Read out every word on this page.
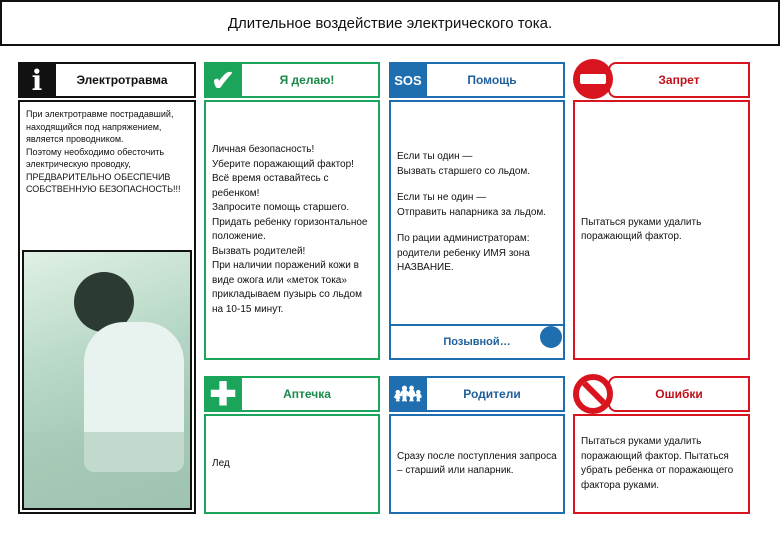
Длительное воздействие электрического тока.
Электротравма
i

При электротравме пострадавший, находящийся под напряжением, является проводником.

Поэтому необходимо обесточить электрическую проводку, ПРЕДВАРИТЕЛЬНО ОБЕСПЕЧИВ СОБСТВЕННУЮ БЕЗОПАСНОСТЬ!!!

Я делаю!
✔

Личная безопасность!

Уберите поражающий фактор!

Всё время оставайтесь с ребенком!

Запросите помощь старшего.

Придать ребенку горизонтальное положение.

Вызвать родителей!

При наличии поражений кожи в виде ожога или «меток тока» прикладываем пузырь со льдом на 10-15 минут.

Аптечка
✚

Лед

Помощь
SOS

Если ты один —

Вызвать старшего со льдом.

Если ты не один —

Отправить напарника за льдом.

По рации администраторам:

родители ребенку ИМЯ зона НАЗВАНИЕ.

Позывной…
Родители
👪︎

Сразу после поступления запроса – старший или напарник.

Запрет

Пытаться руками удалить поражающий фактор.

Ошибки

Пытаться руками удалить поражающий фактор. Пытаться убрать ребенка от поражающего фактора руками.
